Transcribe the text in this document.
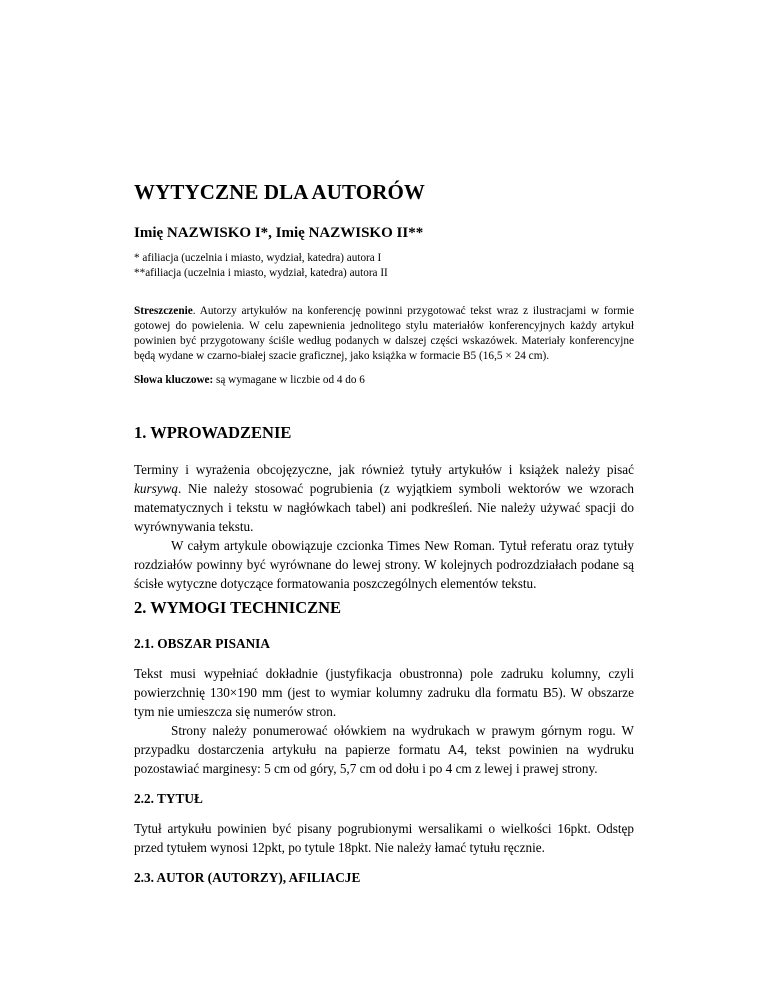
WYTYCZNE DLA AUTORÓW

Imię NAZWISKO I*, Imię NAZWISKO II**

* afiliacja (uczelnia i miasto, wydział, katedra) autora I

**afiliacja (uczelnia i miasto, wydział, katedra) autora II

Streszczenie. Autorzy artykułów na konferencję powinni przygotować tekst wraz z ilustracjami w formie gotowej do powielenia. W celu zapewnienia jednolitego stylu materiałów konferencyjnych każdy artykuł powinien być przygotowany ściśle według podanych w dalszej części wskazówek. Materiały konferencyjne będą wydane w czarno-białej szacie graficznej, jako książka w formacie B5 (16,5 × 24 cm).

Słowa kluczowe: są wymagane w liczbie od 4 do 6

1. WPROWADZENIE

Terminy i wyrażenia obcojęzyczne, jak również tytuły artykułów i książek należy pisać kursywą. Nie należy stosować pogrubienia (z wyjątkiem symboli wektorów we wzorach matematycznych i tekstu w nagłówkach tabel) ani podkreśleń. Nie należy używać spacji do wyrównywania tekstu.

W całym artykule obowiązuje czcionka Times New Roman. Tytuł referatu oraz tytuły rozdziałów powinny być wyrównane do lewej strony. W kolejnych podrozdziałach podane są ścisłe wytyczne dotyczące formatowania poszczególnych elementów tekstu.

2. WYMOGI TECHNICZNE

2.1. OBSZAR PISANIA

Tekst musi wypełniać dokładnie (justyfikacja obustronna) pole zadruku kolumny, czyli powierzchnię 130×190 mm (jest to wymiar kolumny zadruku dla formatu B5). W obszarze tym nie umieszcza się numerów stron.

Strony należy ponumerować ołówkiem na wydrukach w prawym górnym rogu. W przypadku dostarczenia artykułu na papierze formatu A4, tekst powinien na wydruku pozostawiać marginesy: 5 cm od góry, 5,7 cm od dołu i po 4 cm z lewej i prawej strony.

2.2. TYTUŁ

Tytuł artykułu powinien być pisany pogrubionymi wersalikami o wielkości 16pkt. Odstęp przed tytułem wynosi 12pkt, po tytule 18pkt. Nie należy łamać tytułu ręcznie.

2.3. AUTOR (AUTORZY), AFILIACJE
